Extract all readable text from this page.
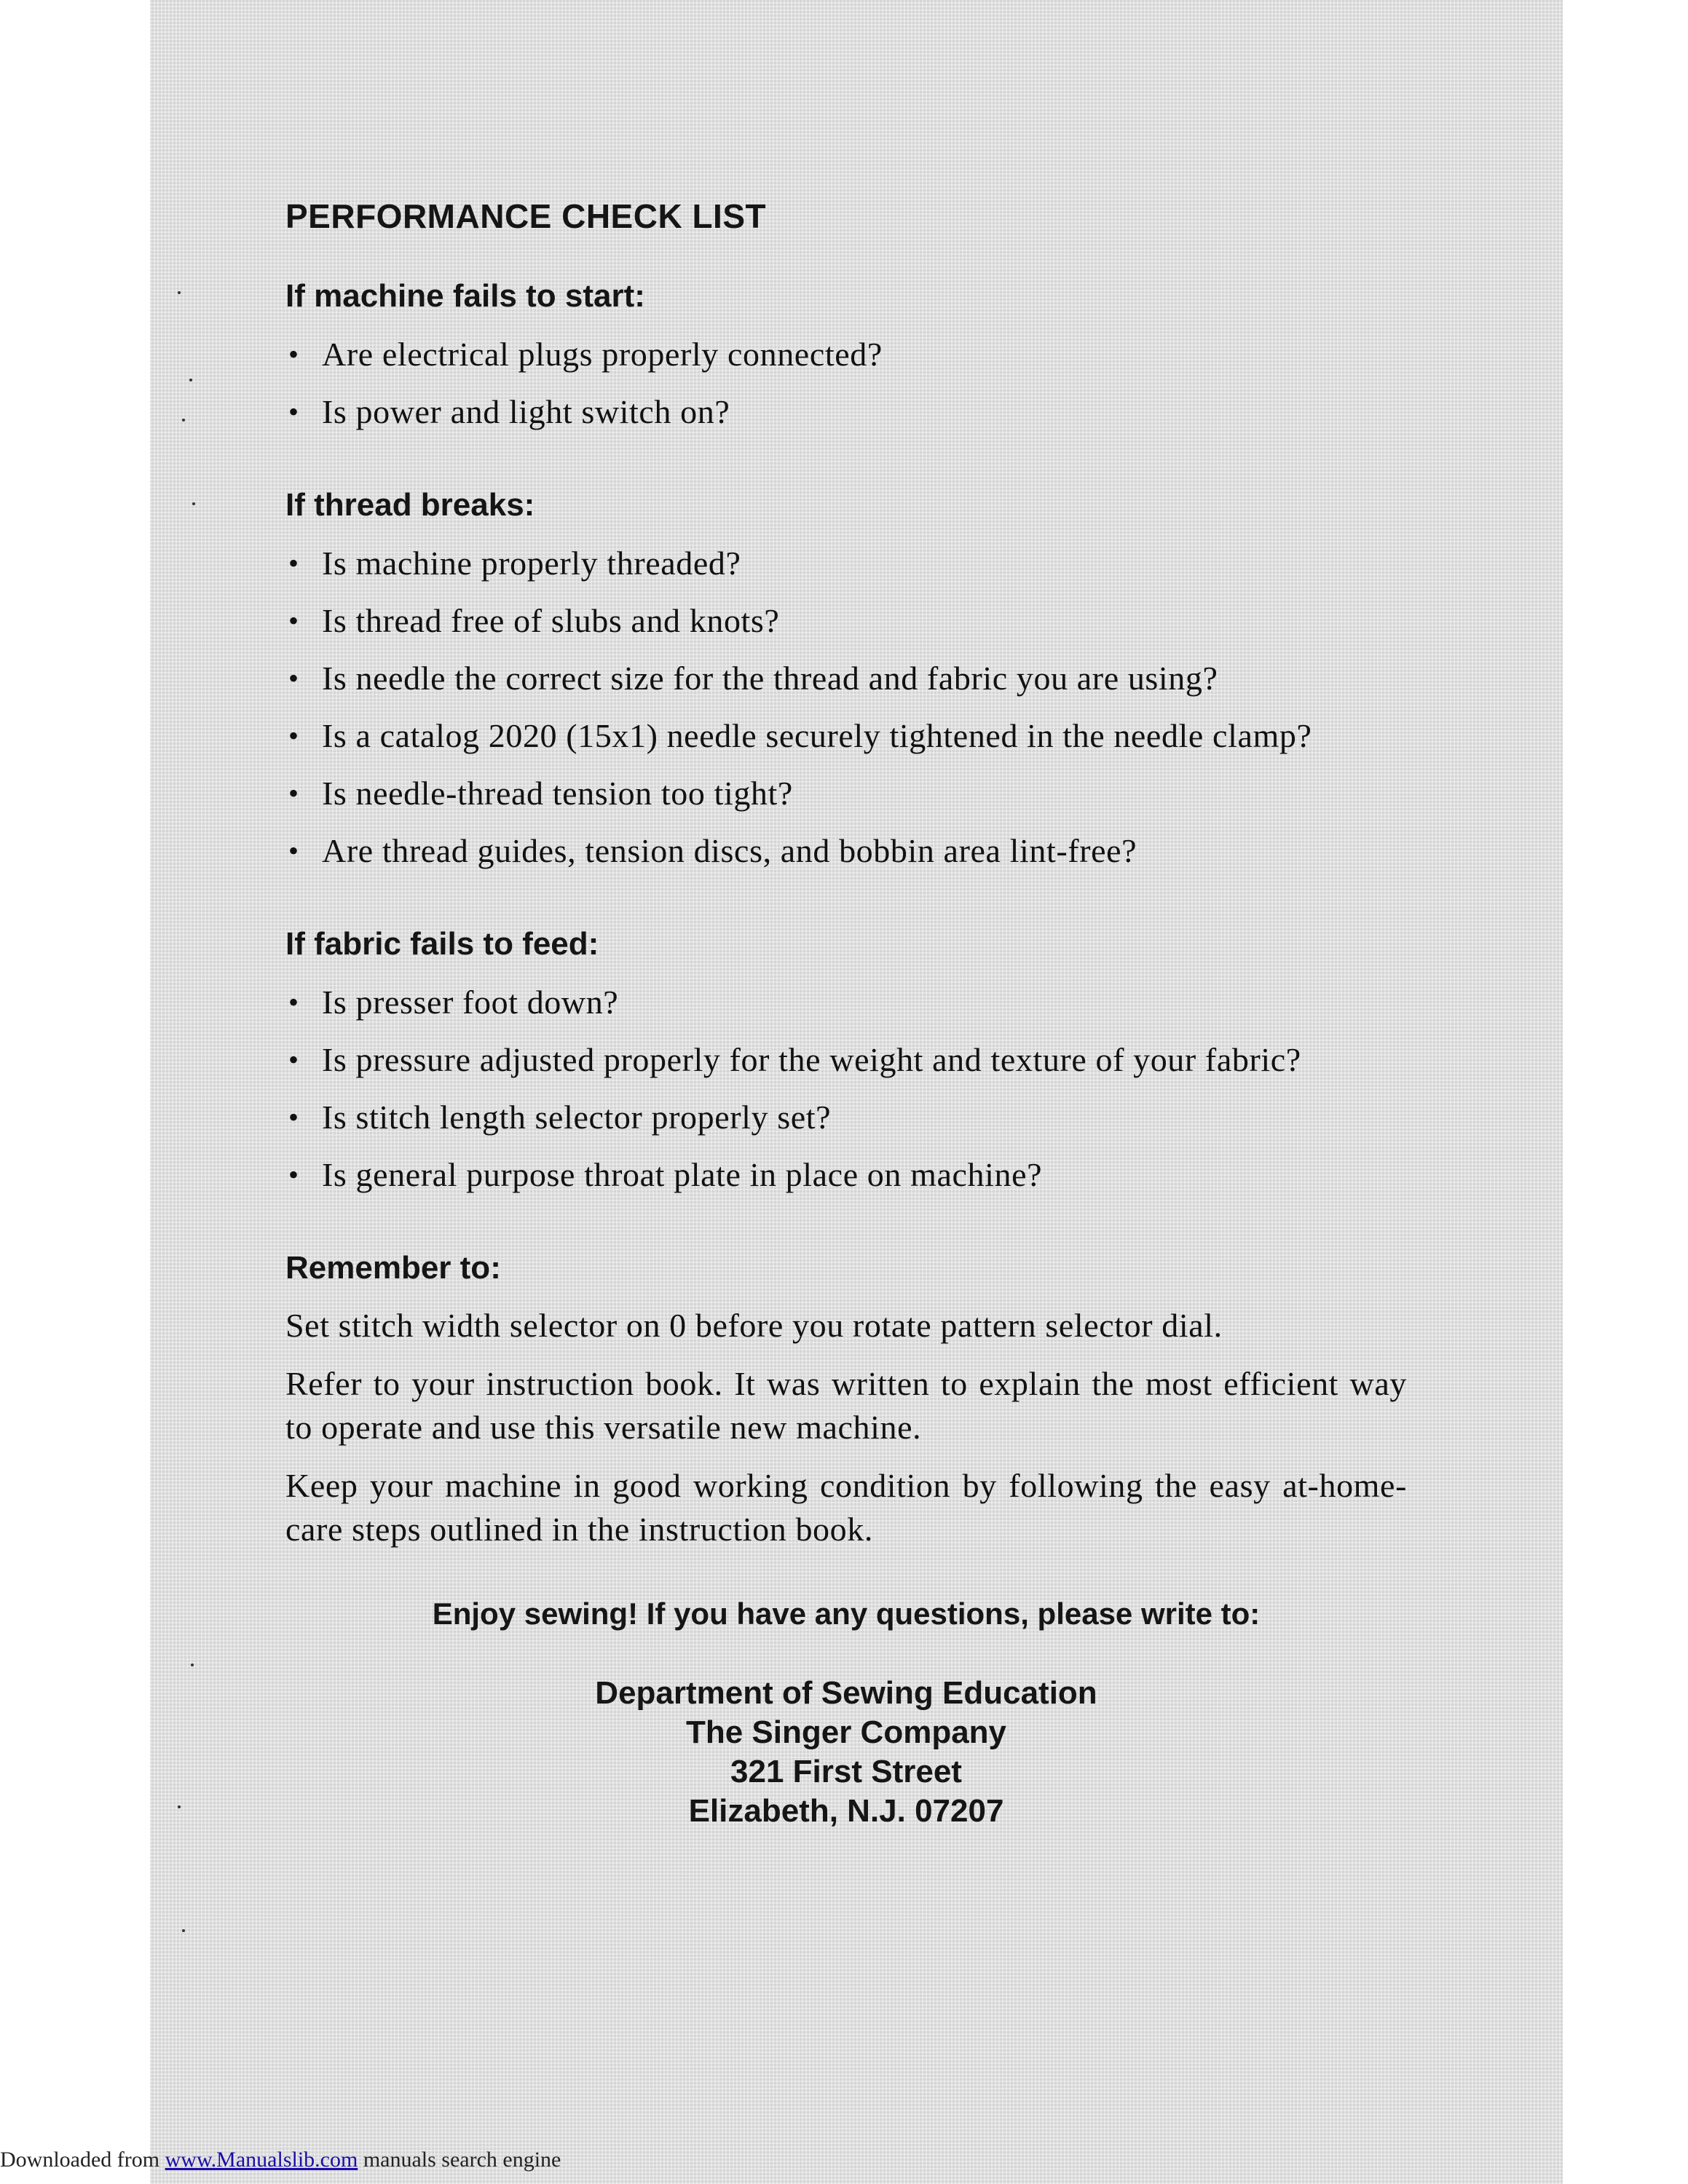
PERFORMANCE CHECK LIST
If machine fails to start:
• Are electrical plugs properly connected?
• Is power and light switch on?
If thread breaks:
• Is machine properly threaded?
• Is thread free of slubs and knots?
• Is needle the correct size for the thread and fabric you are using?
• Is a catalog 2020 (15x1) needle securely tightened in the needle clamp?
• Is needle-thread tension too tight?
• Are thread guides, tension discs, and bobbin area lint-free?
If fabric fails to feed:
• Is presser foot down?
• Is pressure adjusted properly for the weight and texture of your fabric?
• Is stitch length selector properly set?
• Is general purpose throat plate in place on machine?
Remember to:

Set stitch width selector on 0 before you rotate pattern selector dial.

Refer to your instruction book. It was written to explain the most efficient way to operate and use this versatile new machine.

Keep your machine in good working condition by following the easy at-home-care steps outlined in the instruction book.

Enjoy sewing! If you have any questions, please write to:
Department of Sewing Education
The Singer Company
321 First Street
Elizabeth, N.J. 07207
Downloaded from www.Manualslib.com manuals search engine
